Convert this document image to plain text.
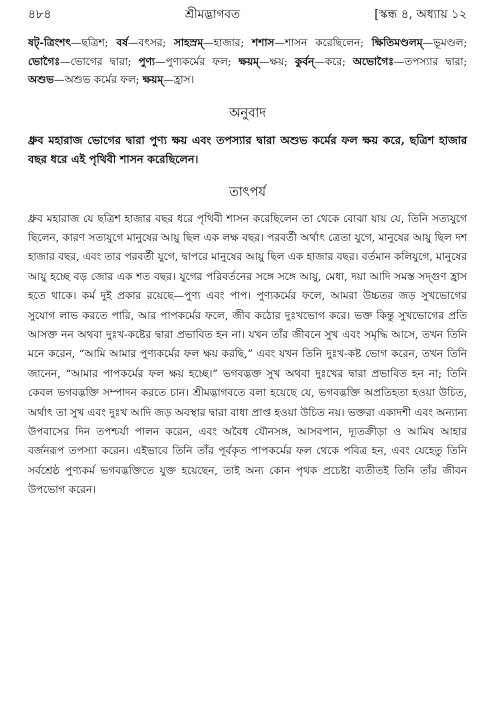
৪৮৪	শ্রীমদ্ভাগবত	[স্কন্ধ ৪, অধ্যায় ১২
ষট্‌-ত্রিংশৎ—ছত্রিশ; বর্ষ—বৎসর; সাহস্রম্‌—হাজার; শশাস—শাসন করেছিলেন; ক্ষিতিমণ্ডলম্‌—ভূমণ্ডল; ভোগৈঃ—ভোগের দ্বারা; পুণ্য—পুণ্যকর্মের ফল; ক্ষয়ম্‌—ক্ষয়; কুর্বন্‌—করে; অভোগৈঃ—তপস্যার দ্বারা; অশুভ—অশুভ কর্মের ফল; ক্ষয়ম্‌—হ্রাস।
অনুবাদ
ধ্রুব মহারাজ ভোগের দ্বারা পুণ্য ক্ষয় এবং তপস্যার দ্বারা অশুভ কর্মের ফল ক্ষয় করে, ছত্রিশ হাজার বছর ধরে এই পৃথিবী শাসন করেছিলেন।
তাৎপর্য

ধ্রুব মহারাজ যে ছত্রিশ হাজার বছর ধরে পৃথিবী শাসন করেছিলেন তা থেকে বোঝা যায় যে, তিনি সত্যযুগে ছিলেন, কারণ সত্যযুগে মানুষের আয়ু ছিল এক লক্ষ বছর। পরবর্তী অর্থাৎ ত্রেতা যুগে, মানুষের আয়ু ছিল দশ হাজার বছর, এবং তার পরবর্তী যুগে, দ্বাপরে মানুষের আয়ু ছিল এক হাজার বছর। বর্তমান কলিযুগে, মানুষের আয়ু হচ্ছে বড় জোর এক শত বছর। যুগের পরিবর্তনের সঙ্গে সঙ্গে আয়ু, মেধা, দয়া আদি সমস্ত সদ্‌গুণ হ্রাস হতে থাকে। কর্ম দুই প্রকার রয়েছে—পুণ্য এবং পাপ। পুণ্যকর্মের ফলে, আমরা উচ্চতর জড় সুখভোগের সুযোগ লাভ করতে পারি, আর পাপকর্মের ফলে, জীব কঠোর দুঃখভোগ করে। ভক্ত কিন্তু সুখভোগের প্রতি আসক্ত নন অথবা দুঃখ-কষ্টের দ্বারা প্রভাবিত হন না। যখন তাঁর জীবনে সুখ এবং সমৃদ্ধি আসে, তখন তিনি মনে করেন, “আমি আমার পুণ্যকর্মের ফল ক্ষয় করছি,” এবং যখন তিনি দুঃখ-কষ্ট ভোগ করেন, তখন তিনি জানেন, “আমার পাপকর্মের ফল ক্ষয় হচ্ছে।” ভগবদ্ভক্ত সুখ অথবা দুঃখের দ্বারা প্রভাবিত হন না; তিনি কেবল ভগবদ্ভক্তি সম্পাদন করতে চান। শ্রীমদ্ভাগবতে বলা হয়েছে যে, ভগবদ্ভক্তি অপ্রতিহতা হওয়া উচিত, অর্থাৎ তা সুখ এবং দুঃখ আদি জড় অবস্থার দ্বারা বাধা প্রাপ্ত হওয়া উচিত নয়। ভক্তরা একাদশী এবং অন্যান্য উপবাসের দিন তপশ্চর্যা পালন করেন, এবং অবৈধ যৌনসঙ্গ, আসবপান, দ্যূতক্রীড়া ও আমিষ আহার বর্জনরূপ তপস্যা করেন। এইভাবে তিনি তাঁর পূর্বকৃত পাপকর্মের ফল থেকে পবিত্র হন, এবং যেহেতু তিনি সর্বশ্রেষ্ঠ পুণ্যকর্ম ভগবদ্ভক্তিতে যুক্ত হয়েছেন, তাই অন্য কোন পৃথক প্রচেষ্টা ব্যতীতই তিনি তাঁর জীবন উপভোগ করেন।
